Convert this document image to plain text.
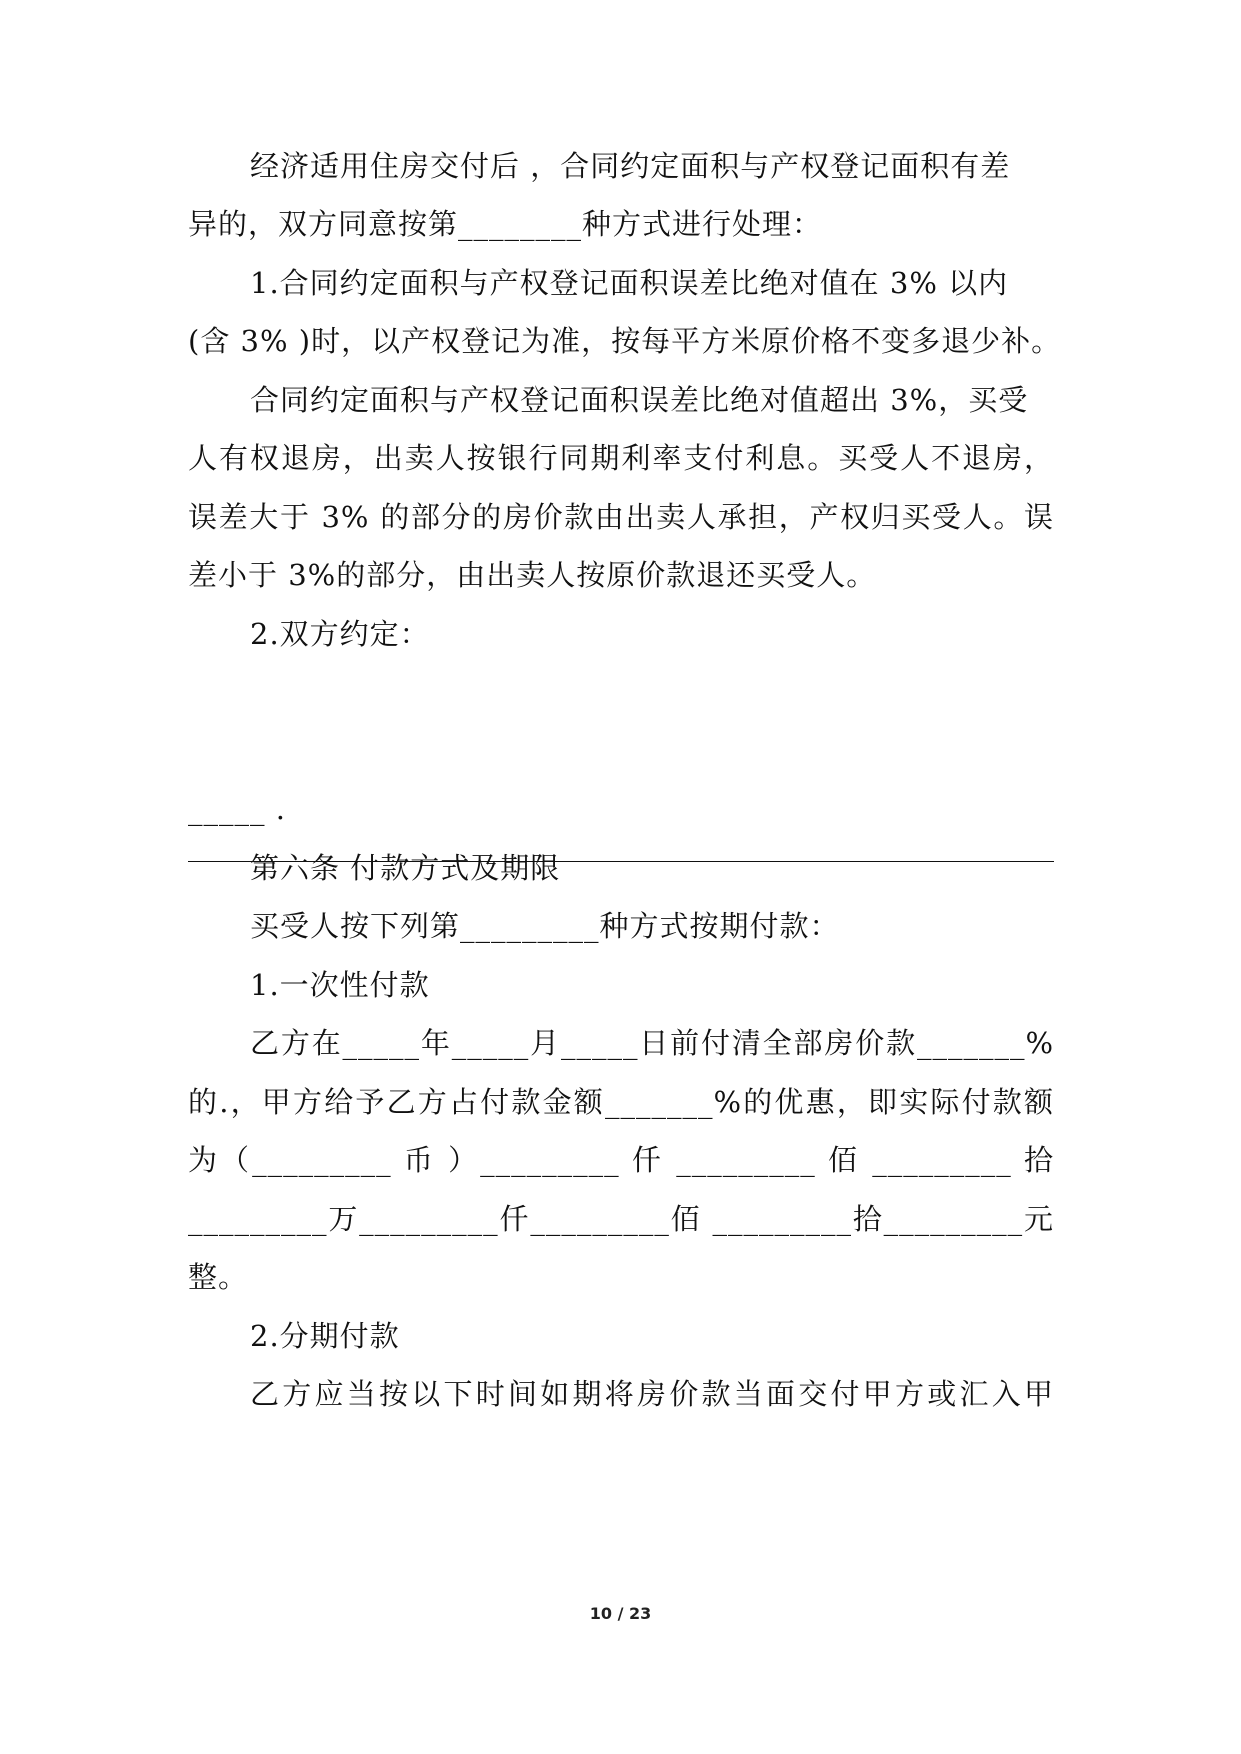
经济适用住房交付后 ，合同约定面积与产权登记面积有差
异的，双方同意按第________种方式进行处理：
1.合同约定面积与产权登记面积误差比绝对值在 3% 以内
(含 3% )时，以产权登记为准，按每平方米原价格不变多退少补。
合同约定面积与产权登记面积误差比绝对值超出 3%，买受
人有权退房，出卖人按银行同期利率支付利息。买受人不退房，
误差大于 3% 的部分的房价款由出卖人承担，产权归买受人。误
差小于 3%的部分，由出卖人按原价款退还买受人。
2.双方约定：
_____ .
第六条 付款方式及期限
买受人按下列第_________种方式按期付款：
1.一次性付款
乙方在_____年_____月_____日前付清全部房价款_______%
的.，甲方给予乙方占付款金额_______%的优惠，即实际付款额
为（_________ 币 ）_________ 仟 _________ 佰 _________ 拾
_________万_________仟_________佰 _________拾_________元
整。
2.分期付款
乙方应当按以下时间如期将房价款当面交付甲方或汇入甲
10 / 23
